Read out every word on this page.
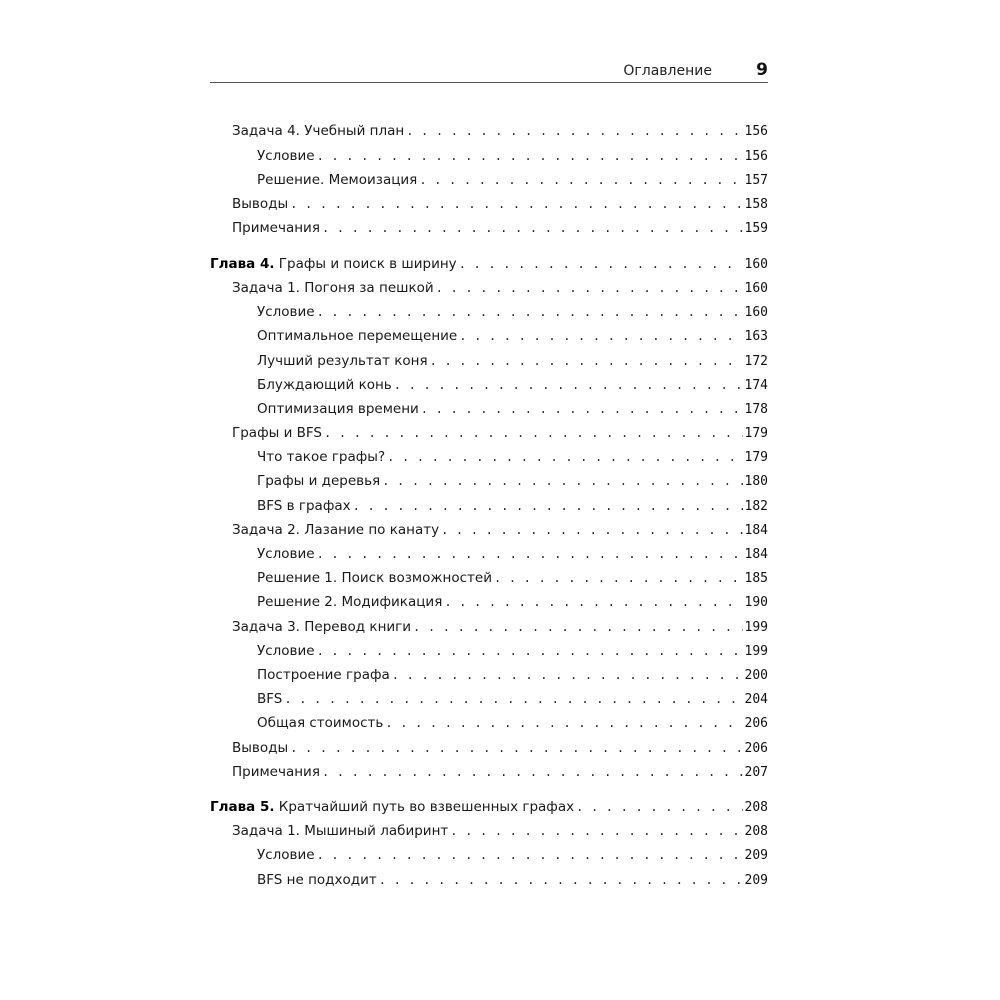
Оглавление	9
Задача 4. Учебный план . . .	156
Условие . . .	156
Решение. Мемоизация . . .	157
Выводы . . .	158
Примечания . . .	159
Глава 4. Графы и поиск в ширину . . .	160
Задача 1. Погоня за пешкой . . .	160
Условие . . .	160
Оптимальное перемещение . . .	163
Лучший результат коня . . .	172
Блуждающий конь . . .	174
Оптимизация времени . . .	178
Графы и BFS . . .	179
Что такое графы? . . .	179
Графы и деревья . . .	180
BFS в графах . . .	182
Задача 2. Лазание по канату . . .	184
Условие . . .	184
Решение 1. Поиск возможностей . . .	185
Решение 2. Модификация . . .	190
Задача 3. Перевод книги . . .	199
Условие . . .	199
Построение графа . . .	200
BFS . . .	204
Общая стоимость . . .	206
Выводы . . .	206
Примечания . . .	207
Глава 5. Кратчайший путь во взвешенных графах . . .	208
Задача 1. Мышиный лабиринт . . .	208
Условие . . .	209
BFS не подходит . . .	209
